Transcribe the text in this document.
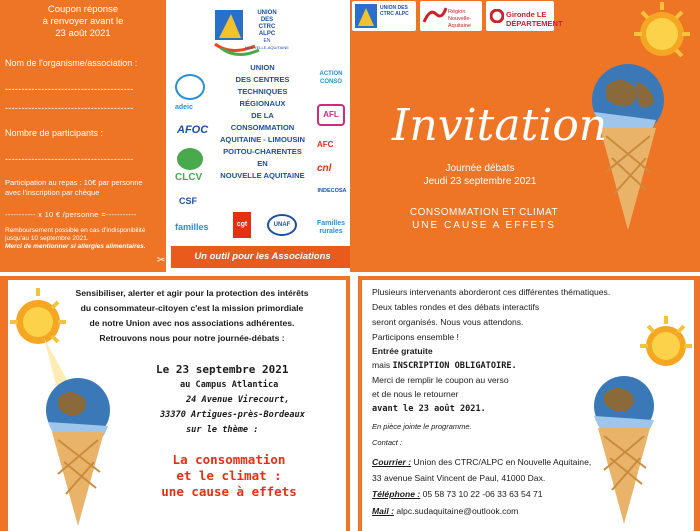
Coupon réponse
à renvoyer avant le
23 août 2021
Nom de l'organisme/association :
---------------------------------------
---------------------------------------
Nombre de participants :
---------------------------------------
Participation au repas : 10€ par personne
avec l'inscription par chèque
----------- x 10 € /personne =-----------
Remboursement possible en cas d'indisponibilité
jusqu'au 10 septembre 2021.
Merci de mentionner si allergies alimentaires.
✂
UNION
DES
CTRC
ALPC
EN
NOUVELLE-AQUITAINE
UNION
DES CENTRES
TECHNIQUES
RÉGIONAUX
DE LA
CONSOMMATION
AQUITAINE - LIMOUSIN
POITOU-CHARENTES
EN
NOUVELLE AQUITAINE
adeic
AFOC
CLCV
CSF
familles	cgt	UNAF
ACTION CONSO
AFL
AFC
cnl
INDECOSA
Familles rurales
Un outil pour les Associations
UNION DES CTRC ALPC	Région Nouvelle-Aquitaine
Gironde LE DÉPARTEMENT
Invitation
Journée débats
Jeudi 23 septembre 2021
CONSOMMATION ET CLIMAT
UNE CAUSE A EFFETS
Sensibiliser, alerter et agir pour la protection des intérêts
du consommateur-citoyen c'est la mission primordiale
de notre Union avec nos associations adhérentes.
Retrouvons nous pour notre journée-débats :
Le 23 septembre 2021
au Campus Atlantica
24 Avenue Virecourt,
33370 Artigues-près-Bordeaux
sur le thème :
La consommation
et le climat :
une cause à effets
Plusieurs intervenants aborderont ces différentes thématiques.
Deux tables rondes et des débats interactifs
seront organisés. Nous vous attendons.
Participons ensemble !
Entrée gratuite
mais INSCRIPTION OBLIGATOIRE.
Merci de remplir le coupon au verso
et de nous le retourner
avant le 23 août 2021.
En pièce jointe le programme.
Contact :
Courrier : Union des CTRC/ALPC en Nouvelle Aquitaine,
33 avenue Saint Vincent de Paul, 41000 Dax.
Téléphone : 05 58 73 10 22 -06 33 63 54 71
Mail : alpc.sudaquitaine@outlook.com
